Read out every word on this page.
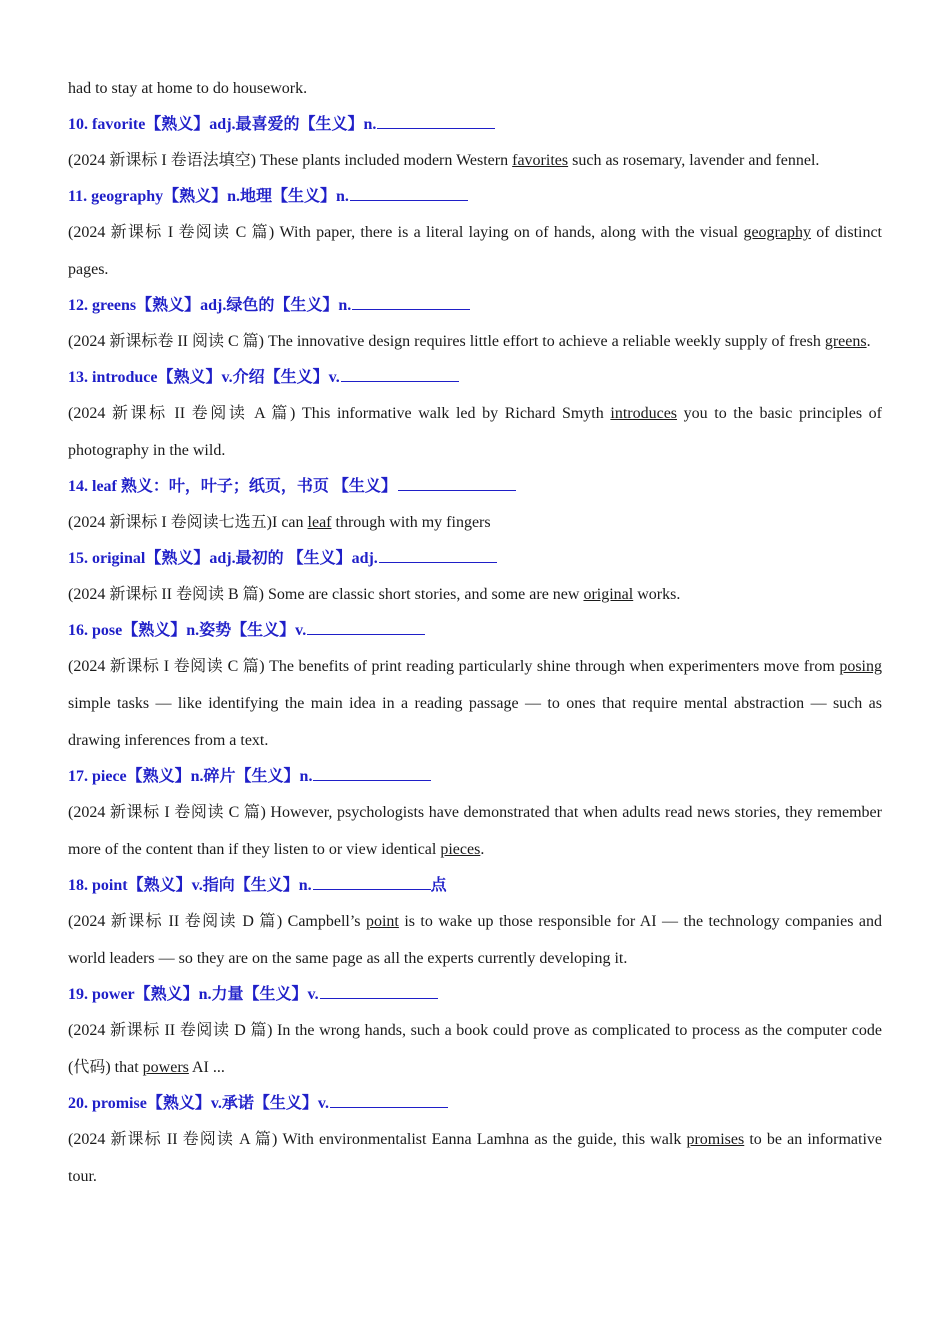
had to stay at home to do housework.

10. favorite【熟义】adj.最喜爱的【生义】n.

(2024 新课标 I 卷语法填空) These plants included modern Western favorites such as rosemary, lavender and fennel.

11. geography【熟义】n.地理【生义】n.

(2024 新课标 I 卷阅读 C 篇) With paper, there is a literal laying on of hands, along with the visual geography of distinct pages.

12. greens【熟义】adj.绿色的【生义】n.

(2024 新课标卷 II 阅读 C 篇) The innovative design requires little effort to achieve a reliable weekly supply of fresh greens.

13. introduce【熟义】v.介绍【生义】v.

(2024 新课标 II 卷阅读 A 篇) This informative walk led by Richard Smyth introduces you to the basic principles of photography in the wild.

14. leaf 熟义：叶，叶子；纸页，书页 【生义】

(2024 新课标 I 卷阅读七选五)I can leaf through with my fingers

15. original【熟义】adj.最初的 【生义】adj.

(2024 新课标 II 卷阅读 B 篇) Some are classic short stories, and some are new original works.

16. pose【熟义】n.姿势【生义】v.

(2024 新课标 I 卷阅读 C 篇) The benefits of print reading particularly shine through when experimenters move from posing simple tasks — like identifying the main idea in a reading passage — to ones that require mental abstraction — such as drawing inferences from a text.

17. piece【熟义】n.碎片【生义】n.

(2024 新课标 I 卷阅读 C 篇) However, psychologists have demonstrated that when adults read news stories, they remember more of the content than if they listen to or view identical pieces.

18. point【熟义】v.指向【生义】n.	点

(2024 新课标 II 卷阅读 D 篇) Campbell’s point is to wake up those responsible for AI — the technology companies and world leaders — so they are on the same page as all the experts currently developing it.

19. power【熟义】n.力量【生义】v.

(2024 新课标 II 卷阅读 D 篇) In the wrong hands, such a book could prove as complicated to process as the computer code (代码) that powers AI ...

20. promise【熟义】v.承诺【生义】v.

(2024 新课标 II 卷阅读 A 篇) With environmentalist Eanna Lamhna as the guide, this walk promises to be an informative tour.
